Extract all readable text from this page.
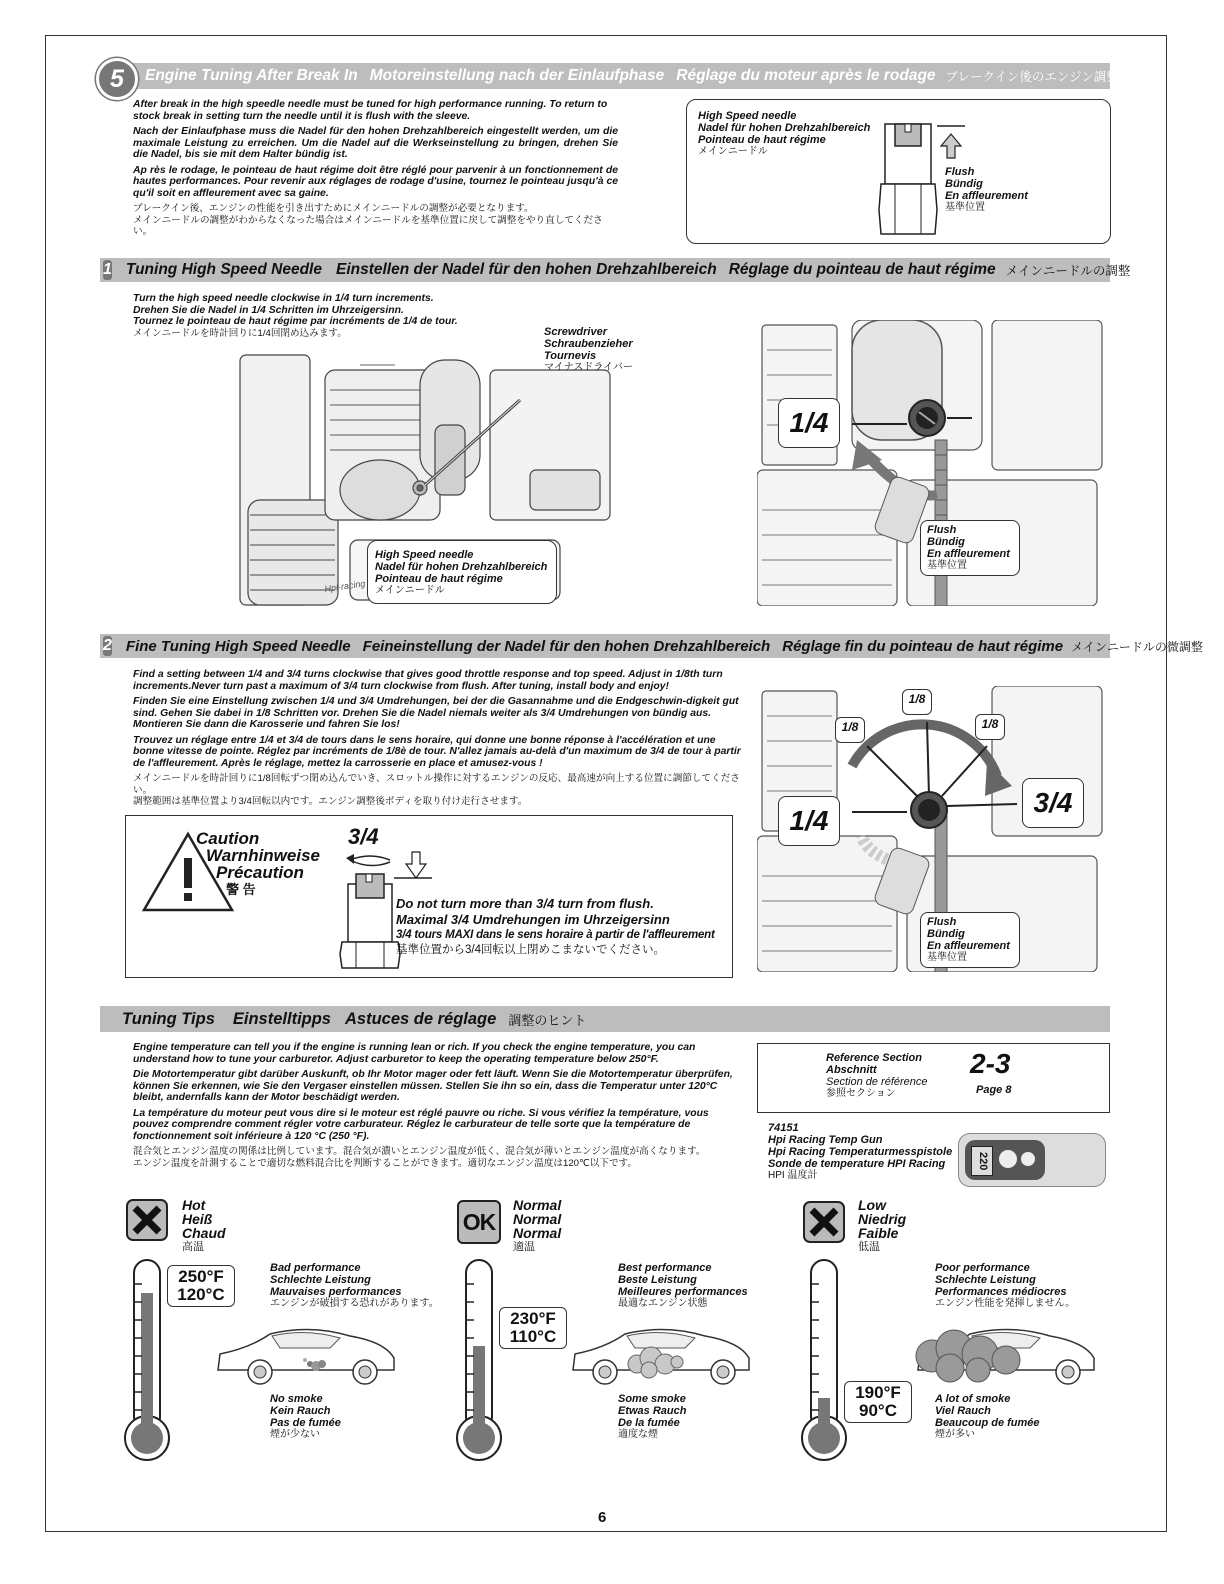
Engine Tuning After Break In Motoreinstellung nach der Einlaufphase Réglage du moteur après le rodage ブレークイン後のエンジン調整
5

After break in the high speedle needle must be tuned for high performance running. To return to stock break in setting turn the needle until it is flush with the sleeve.

Nach der Einlaufphase muss die Nadel für den hohen Drehzahlbereich eingestellt werden, um die maximale Leistung zu erreichen. Um die Nadel auf die Werkseinstellung zu bringen, drehen Sie die Nadel, bis sie mit dem Halter bündig ist.

Ap rès le rodage, le pointeau de haut régime doit être réglé pour parvenir à un fonctionnement de hautes performances. Pour revenir aux réglages de rodage d'usine, tournez le pointeau jusqu'à ce qu'il soit en affleurement avec sa gaine.

ブレークイン後、エンジンの性能を引き出すためにメインニードルの調整が必要となります。
メインニードルの調整がわからなくなった場合はメインニードルを基準位置に戻して調整をやり直してください。
High Speed needle
Nadel für hohen Drehzahlbereich
Pointeau de haut régime
メインニードル
Flush
Bündig
En affleurement
基準位置
1 Tuning High Speed Needle Einstellen der Nadel für den hohen Drehzahlbereich Réglage du pointeau de haut régime メインニードルの調整
Turn the high speed needle clockwise in 1/4 turn increments.
Drehen Sie die Nadel in 1/4 Schritten im Uhrzeigersinn.
Tournez le pointeau de haut régime par incréments de 1/4 de tour.
メインニードルを時計回りに1/4回閉め込みます。
Hpi·racing
Screwdriver
Schraubenzieher
Tournevis
マイナスドライバー
High Speed needle
Nadel für hohen Drehzahlbereich
Pointeau de haut régime
メインニードル
1/4
Flush
Bündig
En affleurement
基準位置
2 Fine Tuning High Speed Needle Feineinstellung der Nadel für den hohen Drehzahlbereich Réglage fin du pointeau de haut régime メインニードルの微調整

Find a setting between 1/4 and 3/4 turns clockwise that gives good throttle response and top speed. Adjust in 1/8th turn increments.Never turn past a maximum of 3/4 turn clockwise from flush. After tuning, install body and enjoy!

Finden Sie eine Einstellung zwischen 1/4 und 3/4 Umdrehungen, bei der die Gasannahme und die Endgeschwin-digkeit gut sind. Gehen Sie dabei in 1/8 Schritten vor. Drehen Sie die Nadel niemals weiter als 3/4 Umdrehungen von bündig aus. Montieren Sie dann die Karosserie und fahren Sie los!

Trouvez un réglage entre 1/4 et 3/4 de tours dans le sens horaire, qui donne une bonne réponse à l'accélération et une bonne vitesse de pointe. Réglez par incréments de 1/8è de tour. N'allez jamais au-delà d'un maximum de 3/4 de tour à partir de l'affleurement. Après le réglage, mettez la carrosserie en place et amusez-vous !

メインニードルを時計回りに1/8回転ずつ閉め込んでいき、スロットル操作に対するエンジンの反応、最高速が向上する位置に調節してください。
調整範囲は基準位置より3/4回転以内です。エンジン調整後ボディを取り付け走行させます。
Caution
Warnhinweise
Précaution
警 告
3/4
Do not turn more than 3/4 turn from flush.
Maximal 3/4 Umdrehungen im Uhrzeigersinn
3/4 tours MAXI dans le sens horaire à partir de l'affleurement
基準位置から3/4回転以上閉めこまないでください。
1/8
1/8	1/8
1/4
3/4
Flush
Bündig
En affleurement
基準位置
Tuning Tips Einstelltipps Astuces de réglage 調整のヒント

Engine temperature can tell you if the engine is running lean or rich. If you check the engine temperature, you can understand how to tune your carburetor. Adjust carburetor to keep the operating temperature below 250°F.

Die Motortemperatur gibt darüber Auskunft, ob Ihr Motor mager oder fett läuft. Wenn Sie die Motortemperatur überprüfen, können Sie erkennen, wie Sie den Vergaser einstellen müssen. Stellen Sie ihn so ein, dass die Temperatur unter 120°C bleibt, andernfalls kann der Motor beschädigt werden.

La température du moteur peut vous dire si le moteur est réglé pauvre ou riche. Si vous vérifiez la température, vous pouvez comprendre comment régler votre carburateur. Réglez le carburateur de telle sorte que la température de fonctionnement soit inférieure à 120 °C (250 °F).

混合気とエンジン温度の関係は比例しています。混合気が濃いとエンジン温度が低く、混合気が薄いとエンジン温度が高くなります。
エンジン温度を計測することで適切な燃料混合比を判断することができます。適切なエンジン温度は120℃以下です。
Reference Section
Abschnitt
Section de référence
参照セクション
2-3
Page 8
74151
Hpi Racing Temp Gun
Hpi Racing Temperaturmesspistole
Sonde de temperature HPI Racing
HPI 温度計
220
Hot
Heiß
Chaud
高温
250°F
120°C
Bad performance
Schlechte Leistung
Mauvaises performances
エンジンが破損する恐れがあります。
No smoke
Kein Rauch
Pas de fumée
煙が少ない
OK
Normal
Normal
Normal
適温
230°F
110°C
Best performance
Beste Leistung
Meilleures performances
最適なエンジン状態
Some smoke
Etwas Rauch
De la fumée
適度な煙
Low
Niedrig
Faible
低温
190°F
90°C
Poor performance
Schlechte Leistung
Performances médiocres
エンジン性能を発揮しません。
A lot of smoke
Viel Rauch
Beaucoup de fumée
煙が多い
6
